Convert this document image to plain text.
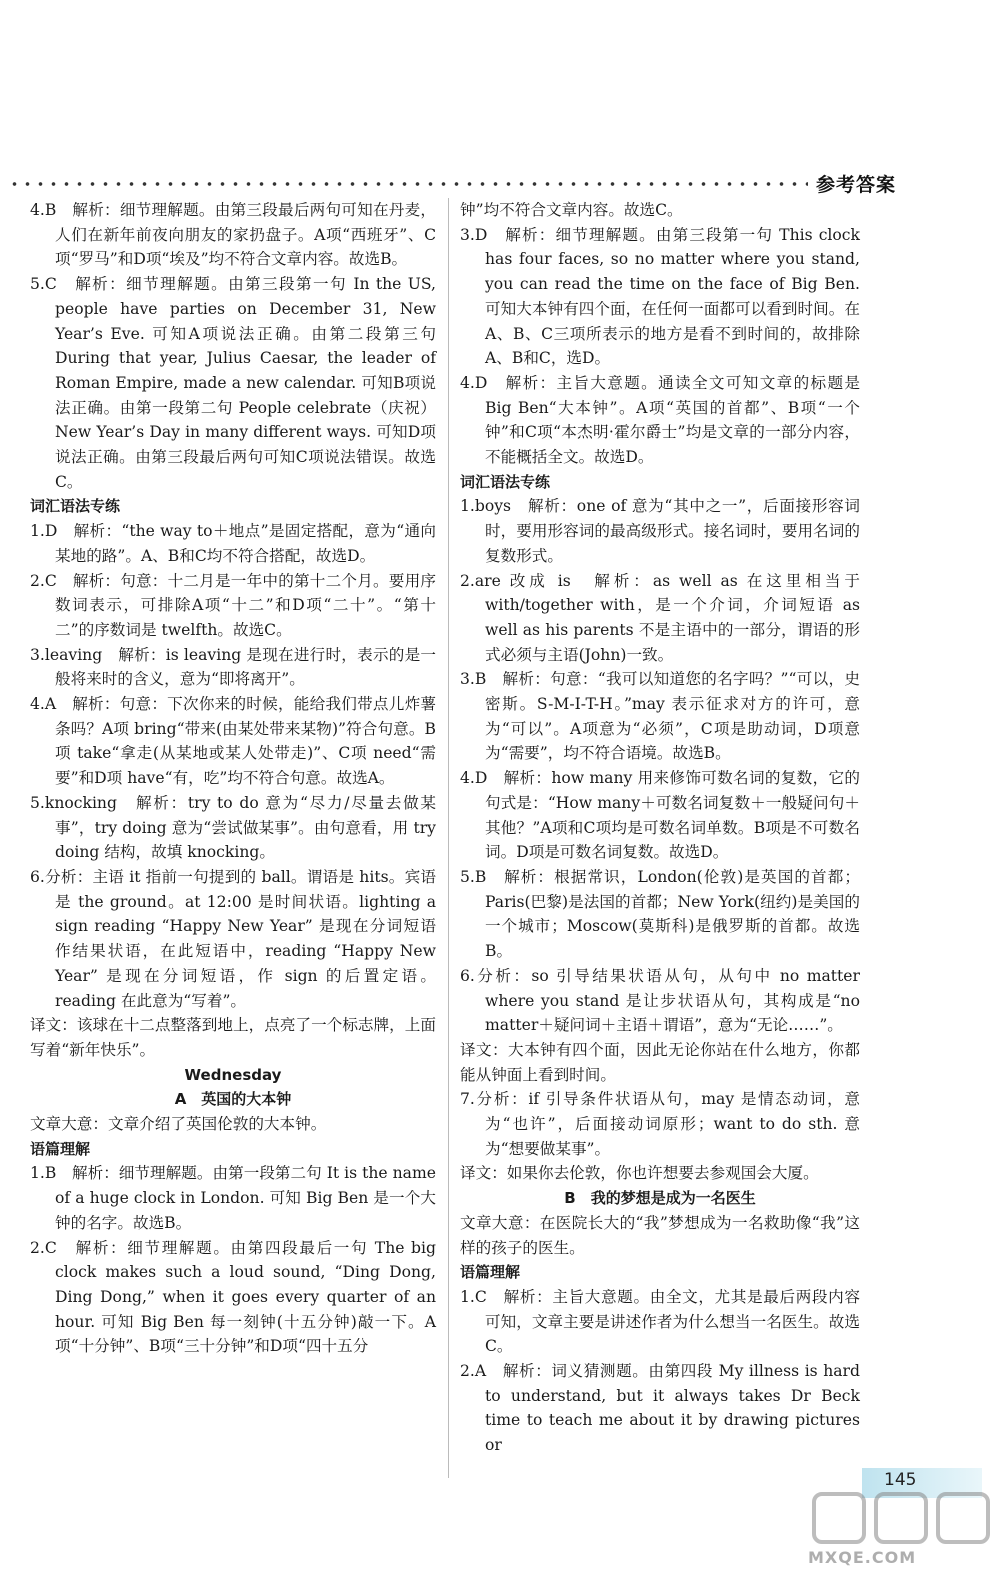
参考答案
4.B　解析：细节理解题。由第三段最后两句可知在丹麦，人们在新年前夜向朋友的家扔盘子。A项“西班牙”、C项“罗马”和D项“埃及”均不符合文章内容。故选B。
5.C　解析：细节理解题。由第三段第一句 In the US, people have parties on December 31, New Year’s Eve. 可知A项说法正确。由第二段第三句 During that year, Julius Caesar, the leader of Roman Empire, made a new calendar. 可知B项说法正确。由第一段第二句 People celebrate（庆祝）New Year’s Day in many different ways. 可知D项说法正确。由第三段最后两句可知C项说法错误。故选C。
词汇语法专练
1.D　解析：“the way to＋地点”是固定搭配，意为“通向某地的路”。A、B和C均不符合搭配，故选D。
2.C　解析：句意：十二月是一年中的第十二个月。要用序数词表示，可排除A项“十二”和D项“二十”。“第十二”的序数词是 twelfth。故选C。
3.leaving　解析：is leaving 是现在进行时，表示的是一般将来时的含义，意为“即将离开”。
4.A　解析：句意：下次你来的时候，能给我们带点儿炸薯条吗？A项 bring“带来(由某处带来某物)”符合句意。B项 take“拿走(从某地或某人处带走)”、C项 need“需要”和D项 have“有，吃”均不符合句意。故选A。
5.knocking　解析：try to do 意为“尽力/尽量去做某事”，try doing 意为“尝试做某事”。由句意看，用 try doing 结构，故填 knocking。
6.分析：主语 it 指前一句提到的 ball。谓语是 hits。宾语是 the ground。at 12:00 是时间状语。lighting a sign reading “Happy New Year” 是现在分词短语作结果状语，在此短语中，reading “Happy New Year” 是现在分词短语，作 sign 的后置定语。reading 在此意为“写着”。
译文：该球在十二点整落到地上，点亮了一个标志牌，上面写着“新年快乐”。
Wednesday
A　英国的大本钟
文章大意：文章介绍了英国伦敦的大本钟。
语篇理解
1.B　解析：细节理解题。由第一段第二句 It is the name of a huge clock in London. 可知 Big Ben 是一个大钟的名字。故选B。
2.C　解析：细节理解题。由第四段最后一句 The big clock makes such a loud sound, “Ding Dong, Ding Dong,” when it goes every quarter of an hour. 可知 Big Ben 每一刻钟(十五分钟)敲一下。A项“十分钟”、B项“三十分钟”和D项“四十五分
钟”均不符合文章内容。故选C。
3.D　解析：细节理解题。由第三段第一句 This clock has four faces, so no matter where you stand, you can read the time on the face of Big Ben. 可知大本钟有四个面，在任何一面都可以看到时间。在A、B、C三项所表示的地方是看不到时间的，故排除A、B和C，选D。
4.D　解析：主旨大意题。通读全文可知文章的标题是 Big Ben“大本钟”。A项“英国的首都”、B项“一个钟”和C项“本杰明·霍尔爵士”均是文章的一部分内容，不能概括全文。故选D。
词汇语法专练
1.boys　解析：one of 意为“其中之一”，后面接形容词时，要用形容词的最高级形式。接名词时，要用名词的复数形式。
2.are 改成 is　解析：as well as 在这里相当于 with/together with，是一个介词，介词短语 as well as his parents 不是主语中的一部分，谓语的形式必须与主语(John)一致。
3.B　解析：句意：“我可以知道您的名字吗？”“可以，史密斯。S-M-I-T-H。”may 表示征求对方的许可，意为“可以”。A项意为“必须”，C项是助动词，D项意为“需要”，均不符合语境。故选B。
4.D　解析：how many 用来修饰可数名词的复数，它的句式是：“How many＋可数名词复数＋一般疑问句＋其他？”A项和C项均是可数名词单数。B项是不可数名词。D项是可数名词复数。故选D。
5.B　解析：根据常识，London(伦敦)是英国的首都；Paris(巴黎)是法国的首都；New York(纽约)是美国的一个城市；Moscow(莫斯科)是俄罗斯的首都。故选B。
6.分析：so 引导结果状语从句，从句中 no matter where you stand 是让步状语从句，其构成是“no matter＋疑问词＋主语＋谓语”，意为“无论……”。
译文：大本钟有四个面，因此无论你站在什么地方，你都能从钟面上看到时间。
7.分析：if 引导条件状语从句，may 是情态动词，意为“也许”，后面接动词原形；want to do sth. 意为“想要做某事”。
译文：如果你去伦敦，你也许想要去参观国会大厦。
B　我的梦想是成为一名医生
文章大意：在医院长大的“我”梦想成为一名救助像“我”这样的孩子的医生。
语篇理解
1.C　解析：主旨大意题。由全文，尤其是最后两段内容可知，文章主要是讲述作者为什么想当一名医生。故选C。
2.A　解析：词义猜测题。由第四段 My illness is hard to understand, but it always takes Dr Beck time to teach me about it by drawing pictures or
145
MXQE.COM
